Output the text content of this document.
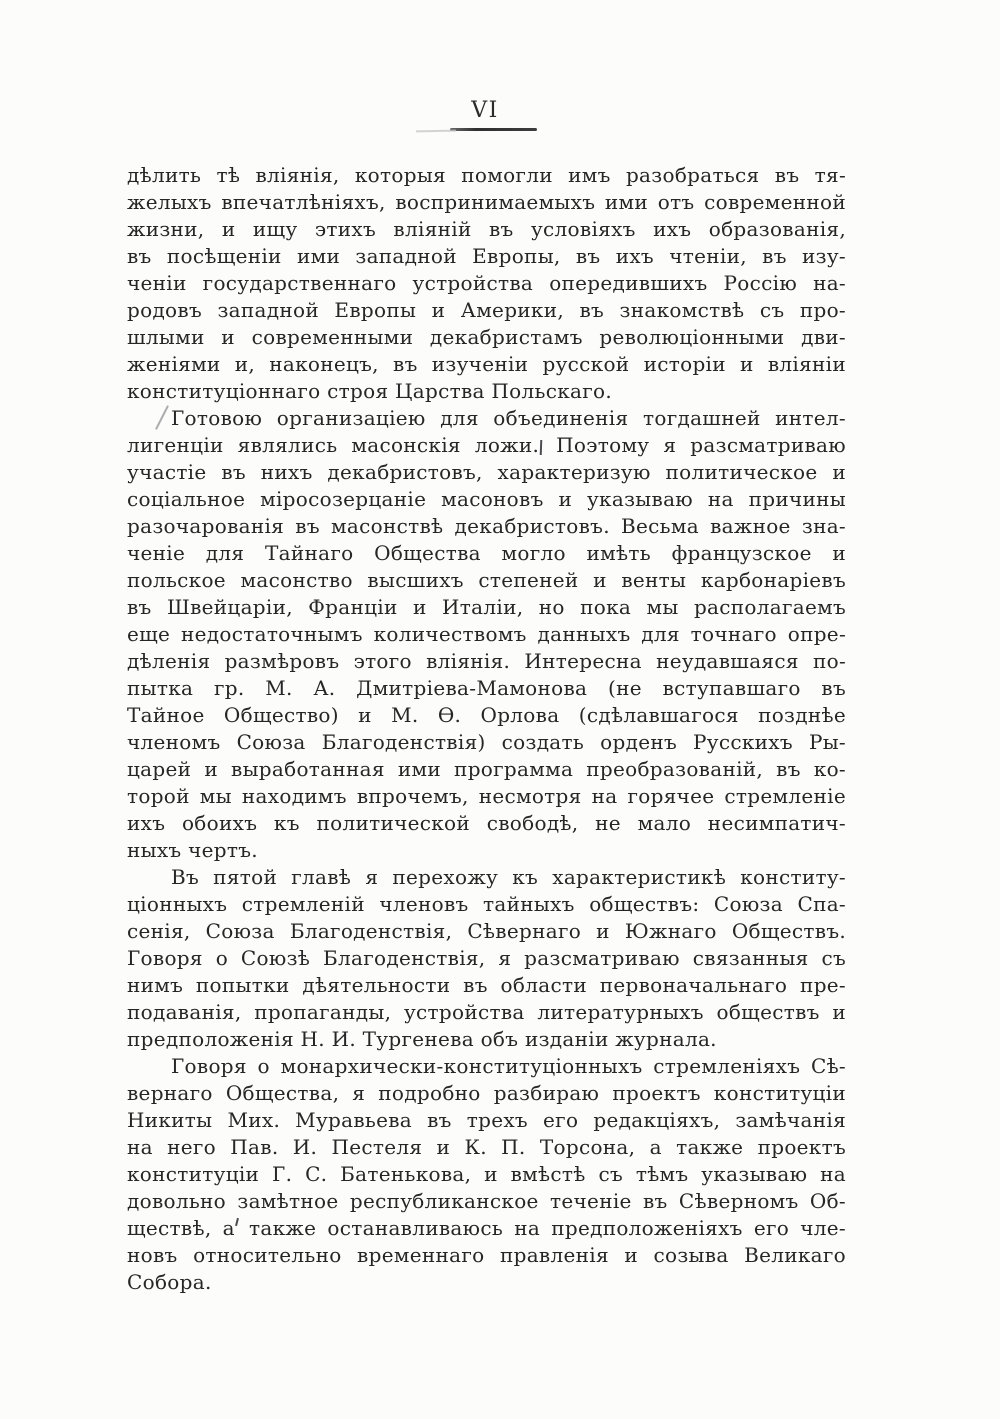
VI
дѣлить тѣ вліянія, которыя помогли имъ разобраться въ тя-
желыхъ впечатлѣніяхъ, воспринимаемыхъ ими отъ современной
жизни, и ищу этихъ вліяній въ условіяхъ ихъ образованія,
въ посѣщеніи ими западной Европы, въ ихъ чтеніи, въ изу-
ченіи государственнаго устройства опередившихъ Россію на-
родовъ западной Европы и Америки, въ знакомствѣ съ про-
шлыми и современными декабристамъ революціонными дви-
женіями и, наконецъ, въ изученіи русской исторіи и вліяніи
конституціоннаго строя Царства Польскаго.
Готовою организаціею для объединенія тогдашней интел-
лигенціи являлись масонскія ложи. Поэтому я разсматриваю
участіе въ нихъ декабристовъ, характеризую политическое и
соціальное міросозерцаніе масоновъ и указываю на причины
разочарованія въ масонствѣ декабристовъ. Весьма важное зна-
ченіе для Тайнаго Общества могло имѣть французское и
польское масонство высшихъ степеней и венты карбонаріевъ
въ Швейцаріи, Франціи и Италіи, но пока мы располагаемъ
еще недостаточнымъ количествомъ данныхъ для точнаго опре-
дѣленія размѣровъ этого вліянія. Интересна неудавшаяся по-
пытка гр. М. А. Дмитріева-Мамонова (не вступавшаго въ
Тайное Общество) и М. Ѳ. Орлова (сдѣлавшагося позднѣе
членомъ Союза Благоденствія) создать орденъ Русскихъ Ры-
царей и выработанная ими программа преобразованій, въ ко-
торой мы находимъ впрочемъ, несмотря на горячее стремленіе
ихъ обоихъ къ политической свободѣ, не мало несимпатич-
ныхъ чертъ.
Въ пятой главѣ я перехожу къ характеристикѣ конститу-
ціонныхъ стремленій членовъ тайныхъ обществъ: Союза Спа-
сенія, Союза Благоденствія, Сѣвернаго и Южнаго Обществъ.
Говоря о Союзѣ Благоденствія, я разсматриваю связанныя съ
нимъ попытки дѣятельности въ области первоначальнаго пре-
подаванія, пропаганды, устройства литературныхъ обществъ и
предположенія Н. И. Тургенева объ изданіи журнала.
Говоря о монархически-конституціонныхъ стремленіяхъ Сѣ-
вернаго Общества, я подробно разбираю проектъ конституціи
Никиты Мих. Муравьева въ трехъ его редакціяхъ, замѣчанія
на него Пав. И. Пестеля и К. П. Торсона, а также проектъ
конституціи Г. С. Батенькова, и вмѣстѣ съ тѣмъ указываю на
довольно замѣтное республиканское теченіе въ Сѣверномъ Об-
ществѣ, а также останавливаюсь на предположеніяхъ его чле-
новъ относительно временнаго правленія и созыва Великаго
Собора.
